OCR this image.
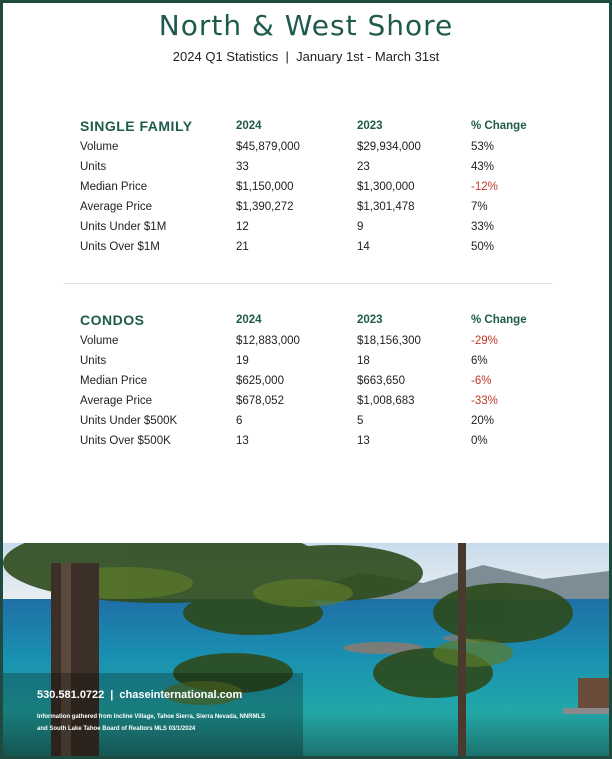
North & West Shore
2024 Q1 Statistics  |  January 1st - March 31st
SINGLE FAMILY	2024	2023	% Change
Volume	$45,879,000	$29,934,000	53%
Units	33	23	43%
Median Price	$1,150,000	$1,300,000	-12%
Average Price	$1,390,272	$1,301,478	7%
Units Under $1M	12	9	33%
Units Over $1M	21	14	50%
CONDOS	2024	2023	% Change
Volume	$12,883,000	$18,156,300	-29%
Units	19	18	6%
Median Price	$625,000	$663,650	-6%
Average Price	$678,052	$1,008,683	-33%
Units Under $500K	6	5	20%
Units Over $500K	13	13	0%
530.581.0722 | chaseinternational.com
Information gathered from Incline Village, Tahoe Sierra, Sierra Nevada, NNRMLS and South Lake Tahoe Board of Realtors MLS 03/1/2024
